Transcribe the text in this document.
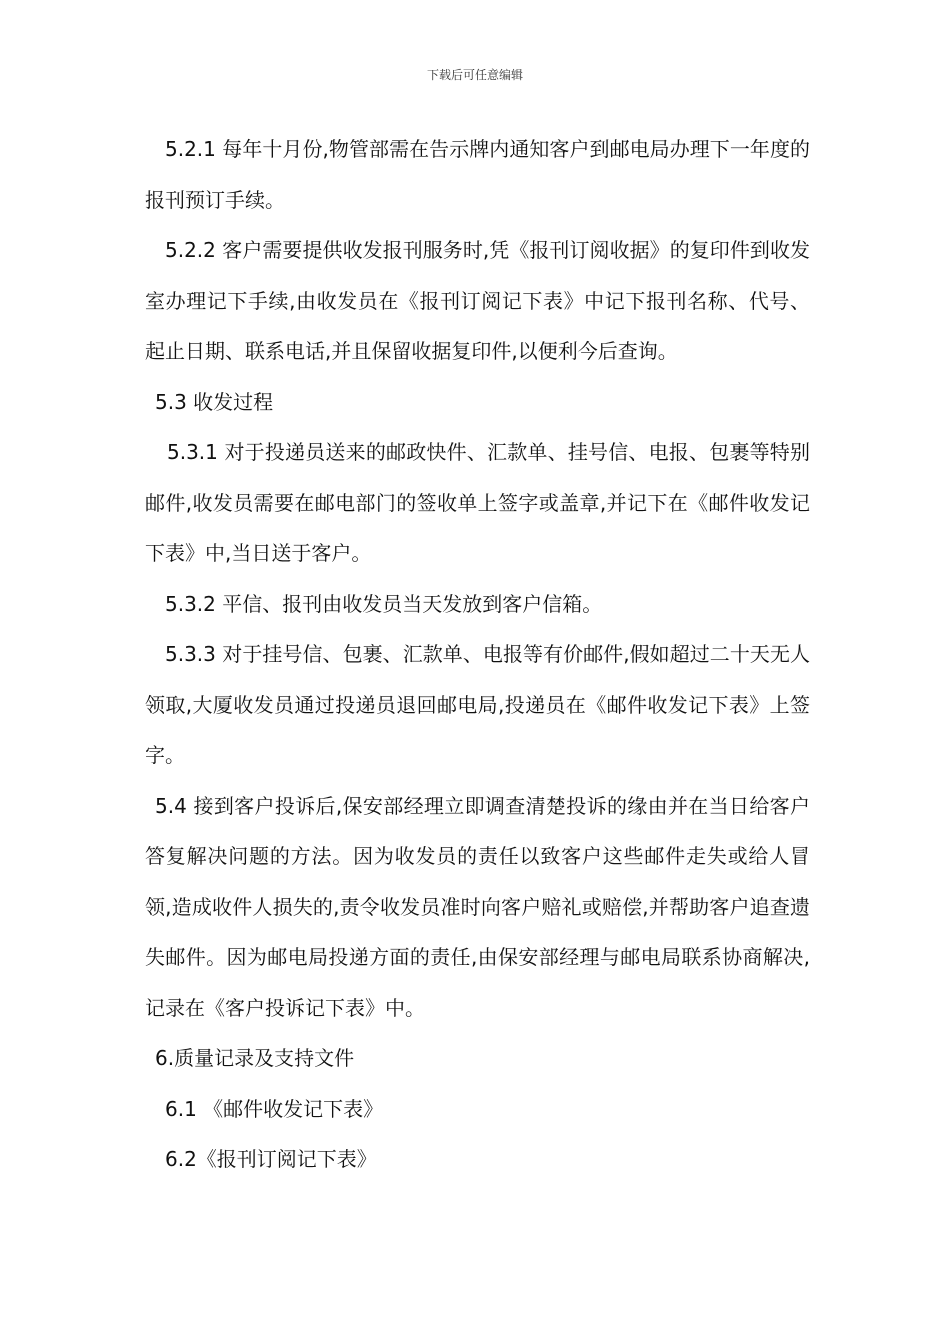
下载后可任意编辑

5.2.1 每年十月份,物管部需在告示牌内通知客户到邮电局办理下一年度的报刊预订手续。

5.2.2 客户需要提供收发报刊服务时,凭《报刊订阅收据》的复印件到收发室办理记下手续,由收发员在《报刊订阅记下表》中记下报刊名称、代号、起止日期、联系电话,并且保留收据复印件,以便利今后查询。

5.3 收发过程

5.3.1 对于投递员送来的邮政快件、汇款单、挂号信、电报、包裹等特别邮件,收发员需要在邮电部门的签收单上签字或盖章,并记下在《邮件收发记下表》中,当日送于客户。

5.3.2 平信、报刊由收发员当天发放到客户信箱。

5.3.3 对于挂号信、包裹、汇款单、电报等有价邮件,假如超过二十天无人领取,大厦收发员通过投递员退回邮电局,投递员在《邮件收发记下表》上签字。

5.4 接到客户投诉后,保安部经理立即调查清楚投诉的缘由并在当日给客户答复解决问题的方法。因为收发员的责任以致客户这些邮件走失或给人冒领,造成收件人损失的,责令收发员准时向客户赔礼或赔偿,并帮助客户追查遗失邮件。因为邮电局投递方面的责任,由保安部经理与邮电局联系协商解决,记录在《客户投诉记下表》中。

6.质量记录及支持文件

6.1 《邮件收发记下表》

6.2《报刊订阅记下表》
